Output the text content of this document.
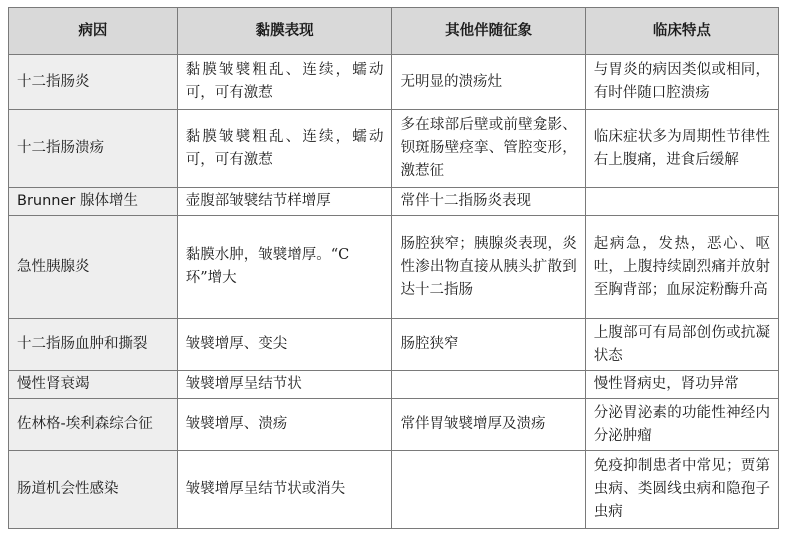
病因	黏膜表现	其他伴随征象	临床特点
十二指肠炎	黏膜皱襞粗乱、连续，蠕动可，可有激惹	无明显的溃疡灶	与胃炎的病因类似或相同，有时伴随口腔溃疡
十二指肠溃疡	黏膜皱襞粗乱、连续，蠕动可，可有激惹	多在球部后壁或前壁龛影、钡斑肠壁痉挛、管腔变形，激惹征	临床症状多为周期性节律性右上腹痛，进食后缓解
Brunner 腺体增生	壶腹部皱襞结节样增厚	常伴十二指肠炎表现	
急性胰腺炎	黏膜水肿，皱襞增厚。“C 环”增大	肠腔狭窄；胰腺炎表现，炎性渗出物直接从胰头扩散到达十二指肠	起病急，发热，恶心、呕吐，上腹持续剧烈痛并放射至胸背部；血尿淀粉酶升高
十二指肠血肿和撕裂	皱襞增厚、变尖	肠腔狭窄	上腹部可有局部创伤或抗凝状态
慢性肾衰竭	皱襞增厚呈结节状		慢性肾病史，肾功异常
佐林格-埃利森综合征	皱襞增厚、溃疡	常伴胃皱襞增厚及溃疡	分泌胃泌素的功能性神经内分泌肿瘤
肠道机会性感染	皱襞增厚呈结节状或消失		免疫抑制患者中常见；贾第虫病、类圆线虫病和隐孢子虫病
